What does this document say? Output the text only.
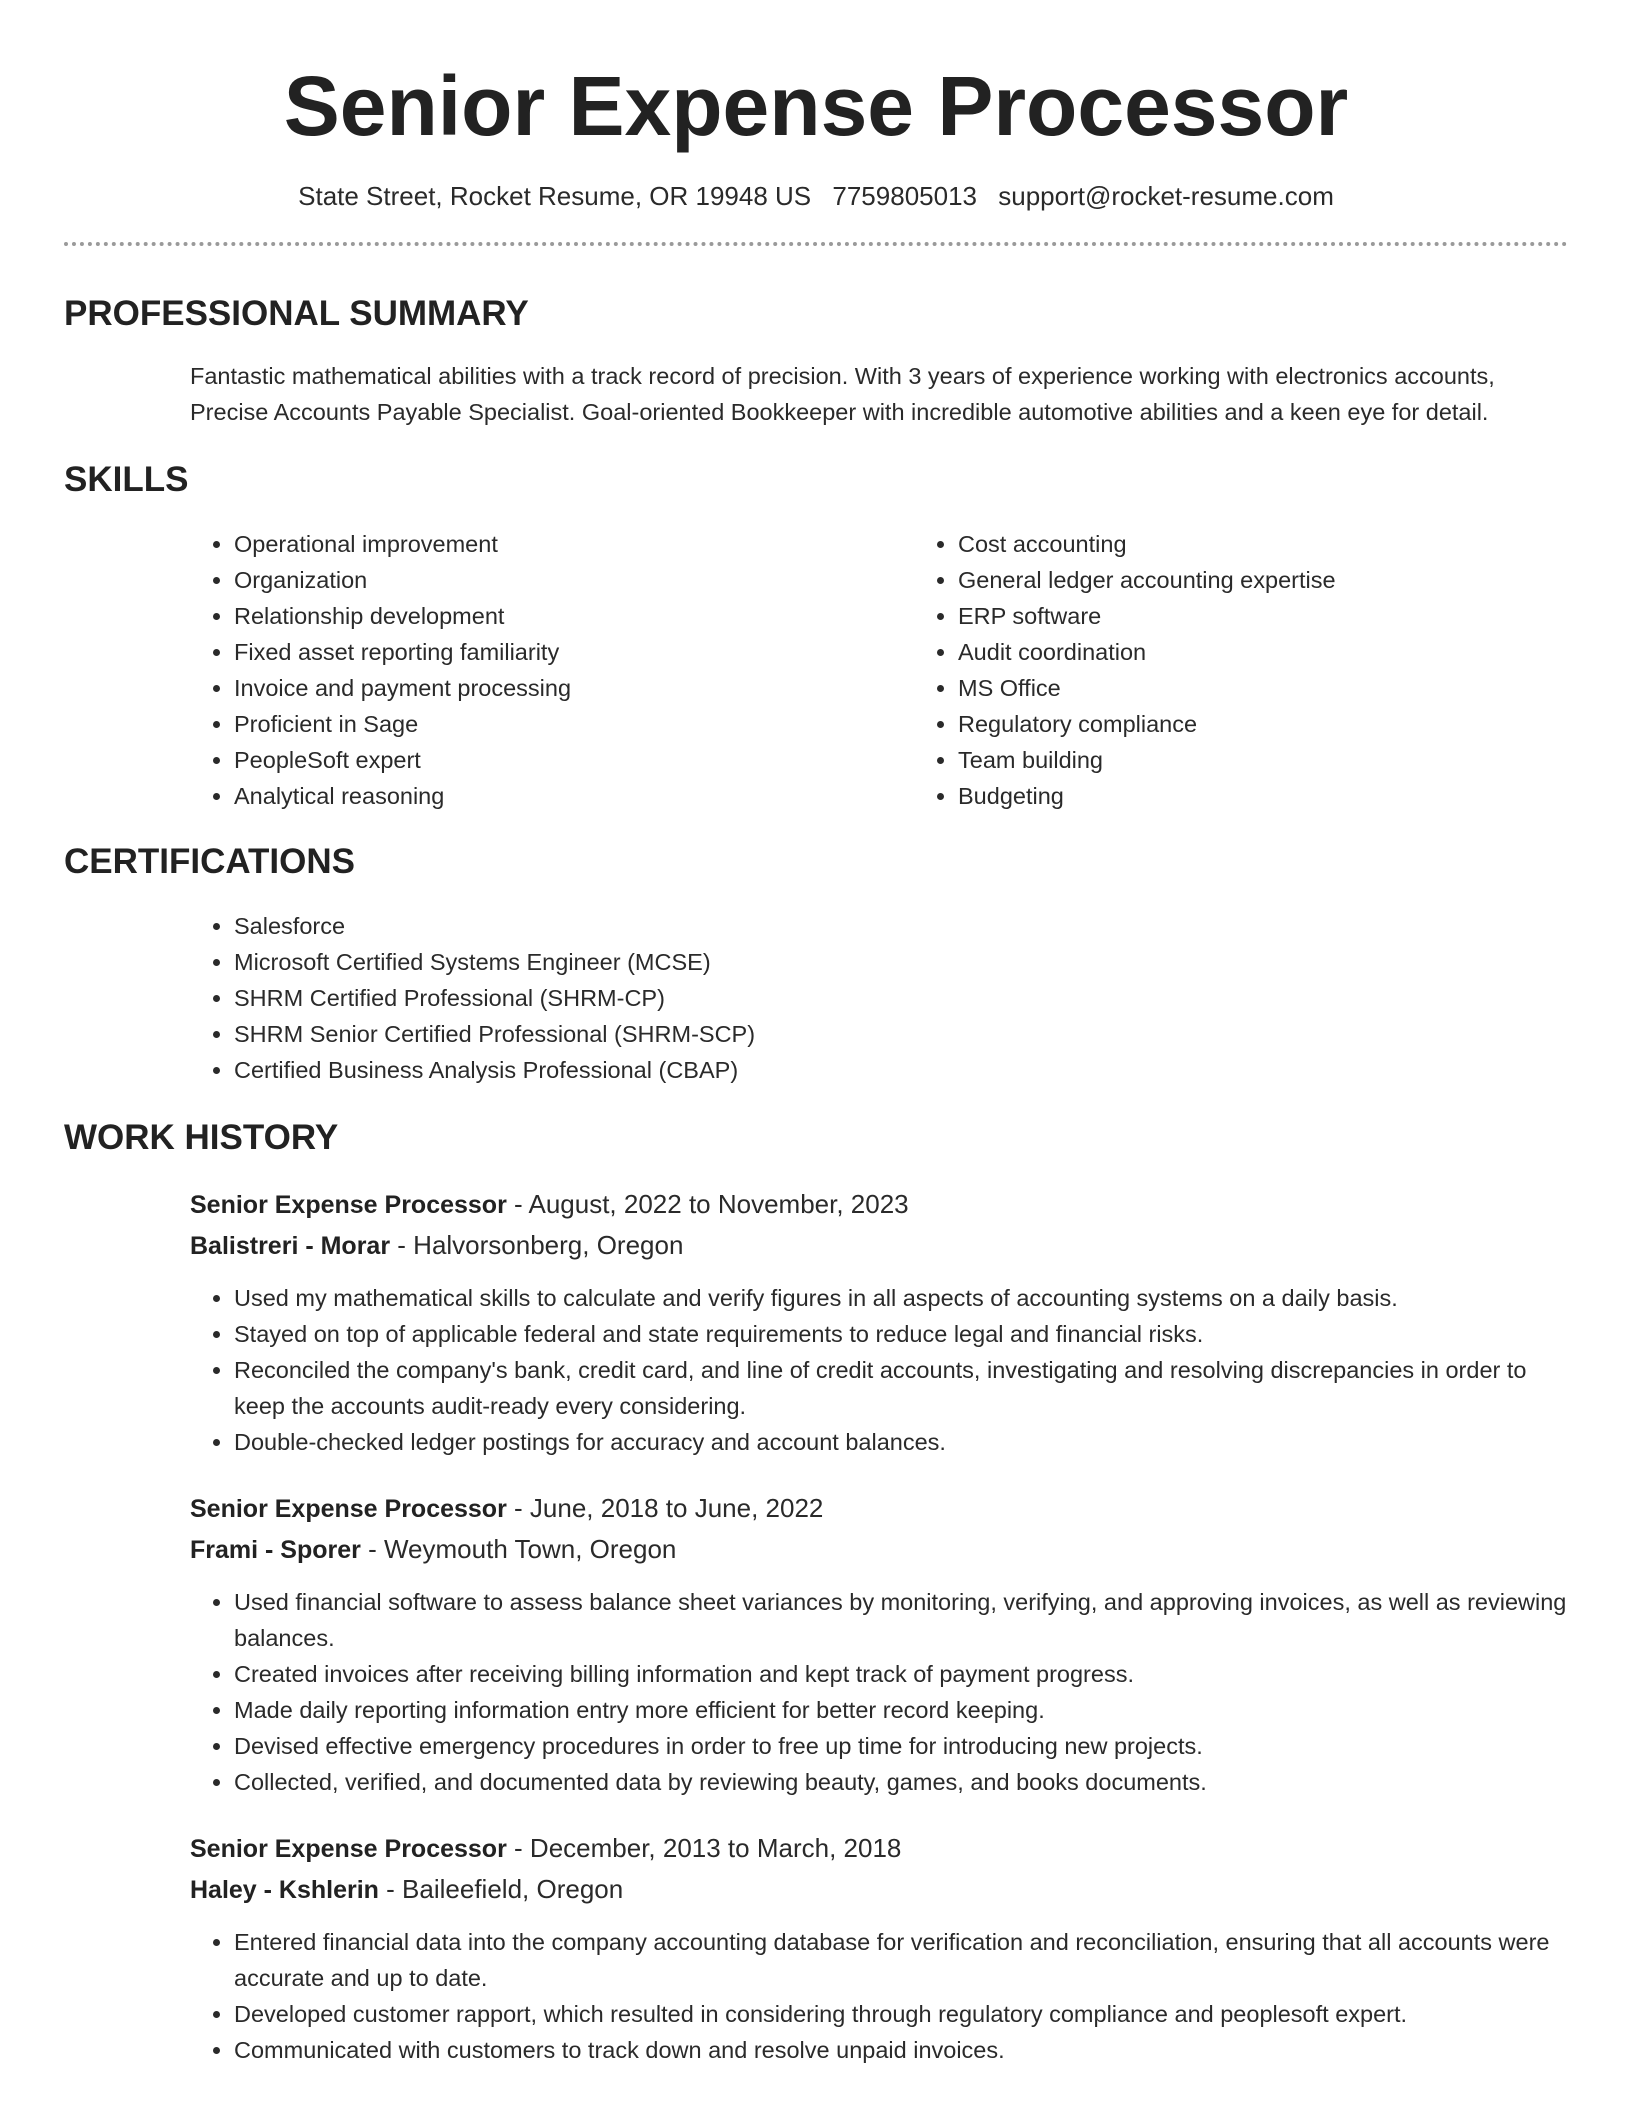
Senior Expense Processor
State Street, Rocket Resume, OR 19948 US 7759805013 support@rocket-resume.com
PROFESSIONAL SUMMARY

Fantastic mathematical abilities with a track record of precision. With 3 years of experience working with electronics accounts, Precise Accounts Payable Specialist. Goal-oriented Bookkeeper with incredible automotive abilities and a keen eye for detail.

SKILLS
• Operational improvement
• Organization
• Relationship development
• Fixed asset reporting familiarity
• Invoice and payment processing
• Proficient in Sage
• PeopleSoft expert
• Analytical reasoning
• Cost accounting
• General ledger accounting expertise
• ERP software
• Audit coordination
• MS Office
• Regulatory compliance
• Team building
• Budgeting
CERTIFICATIONS
• Salesforce
• Microsoft Certified Systems Engineer (MCSE)
• SHRM Certified Professional (SHRM-CP)
• SHRM Senior Certified Professional (SHRM-SCP)
• Certified Business Analysis Professional (CBAP)
WORK HISTORY
Senior Expense Processor - August, 2022 to November, 2023
Balistreri - Morar - Halvorsonberg, Oregon
• Used my mathematical skills to calculate and verify figures in all aspects of accounting systems on a daily basis.
• Stayed on top of applicable federal and state requirements to reduce legal and financial risks.
• Reconciled the company's bank, credit card, and line of credit accounts, investigating and resolving discrepancies in order to keep the accounts audit-ready every considering.
• Double-checked ledger postings for accuracy and account balances.
Senior Expense Processor - June, 2018 to June, 2022
Frami - Sporer - Weymouth Town, Oregon
• Used financial software to assess balance sheet variances by monitoring, verifying, and approving invoices, as well as reviewing balances.
• Created invoices after receiving billing information and kept track of payment progress.
• Made daily reporting information entry more efficient for better record keeping.
• Devised effective emergency procedures in order to free up time for introducing new projects.
• Collected, verified, and documented data by reviewing beauty, games, and books documents.
Senior Expense Processor - December, 2013 to March, 2018
Haley - Kshlerin - Baileefield, Oregon
• Entered financial data into the company accounting database for verification and reconciliation, ensuring that all accounts were accurate and up to date.
• Developed customer rapport, which resulted in considering through regulatory compliance and peoplesoft expert.
• Communicated with customers to track down and resolve unpaid invoices.
